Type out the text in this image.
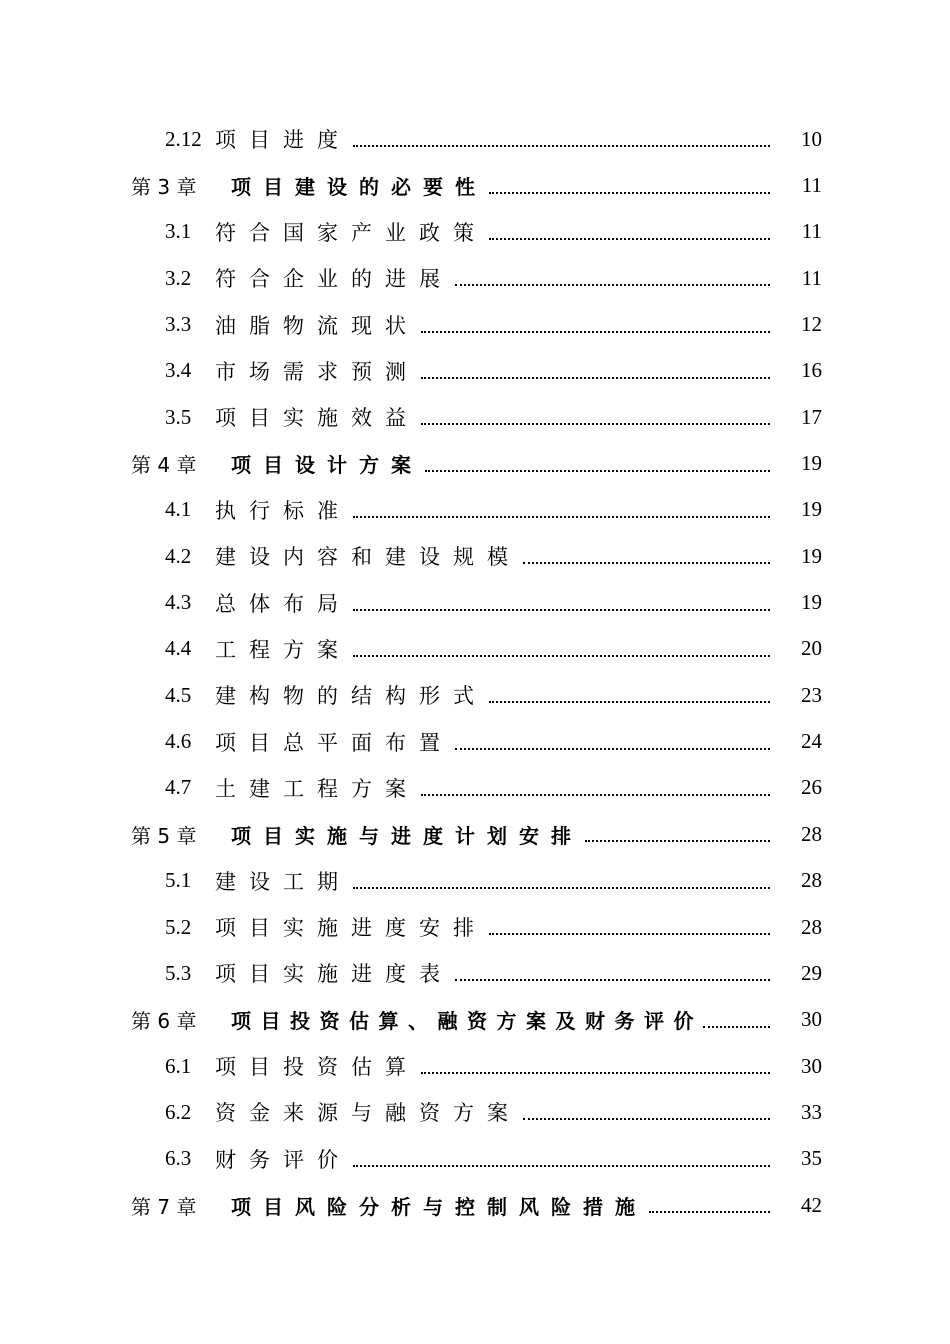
2.12 项目进度	10
第 3 章	项目建设的必要性	11
3.1	符合国家产业政策	11
3.2	符合企业的进展	11
3.3	油脂物流现状	12
3.4	市场需求预测	16
3.5	项目实施效益	17
第 4 章	项目设计方案	19
4.1	执行标准	19
4.2	建设内容和建设规模	19
4.3	总体布局	19
4.4	工程方案	20
4.5	建构物的结构形式	23
4.6	项目总平面布置	24
4.7	土建工程方案	26
第 5 章	项目实施与进度计划安排	28
5.1	建设工期	28
5.2	项目实施进度安排	28
5.3	项目实施进度表	29
第 6 章	项目投资估算、融资方案及财务评价	30
6.1	项目投资估算	30
6.2	资金来源与融资方案	33
6.3	财务评价	35
第 7 章	项目风险分析与控制风险措施	42
